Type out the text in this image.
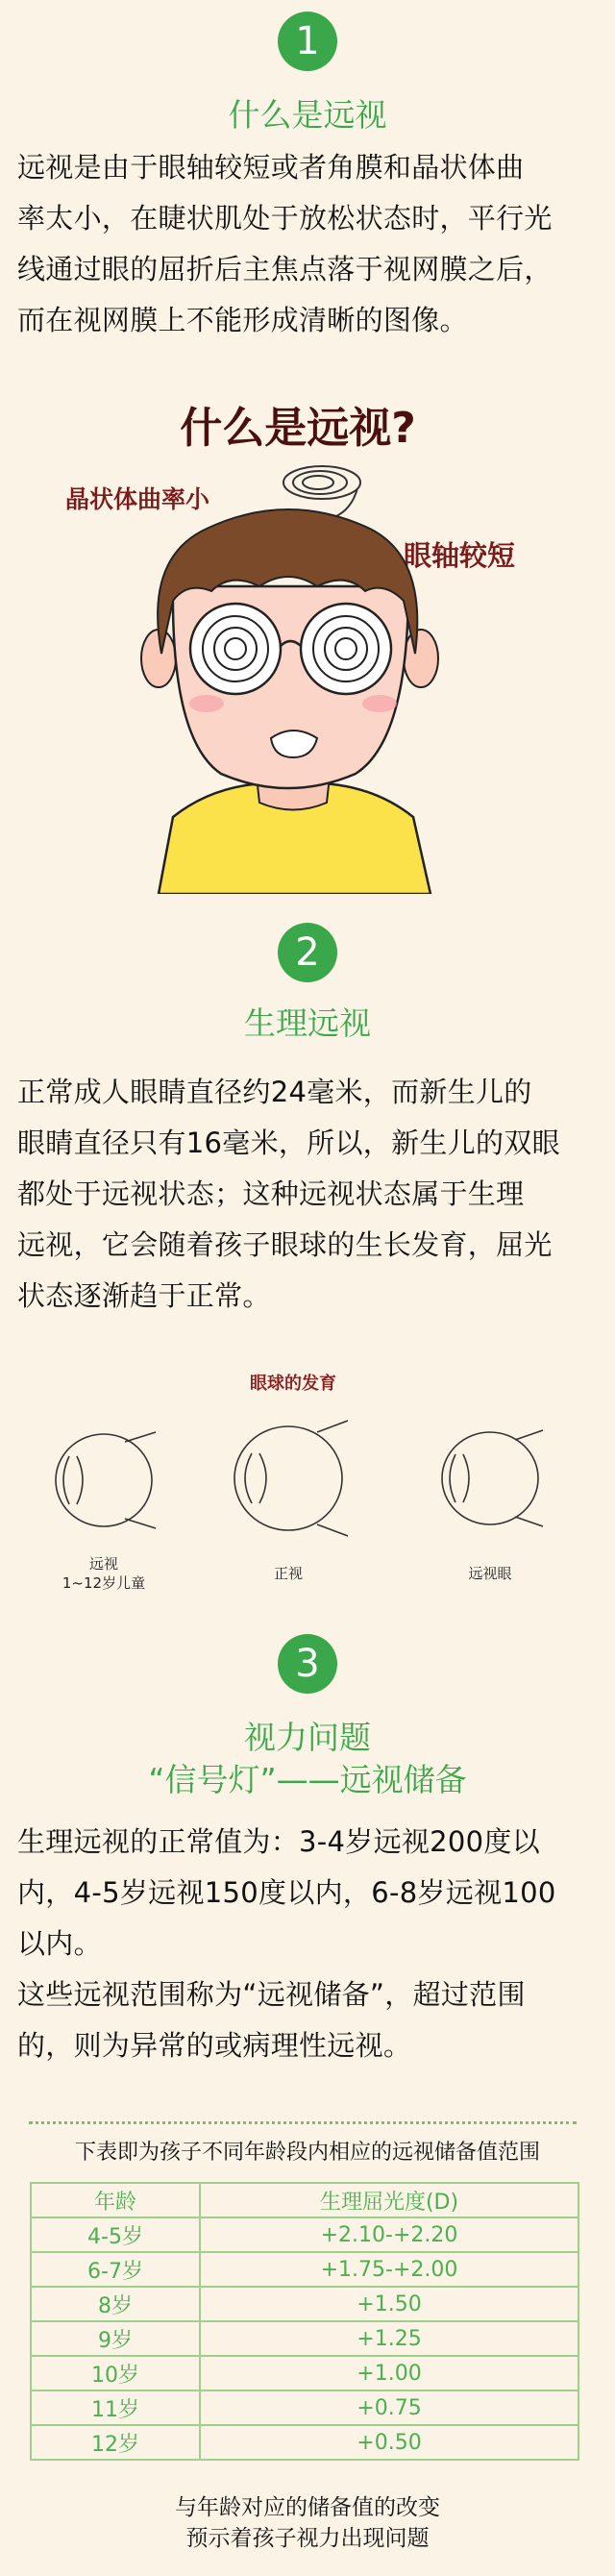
1
什么是远视
远视是由于眼轴较短或者角膜和晶状体曲
率太小，在睫状肌处于放松状态时，平行光
线通过眼的屈折后主焦点落于视网膜之后，
而在视网膜上不能形成清晰的图像。
什么是远视?
晶状体曲率小
眼轴较短
2
生理远视
正常成人眼睛直径约24毫米，而新生儿的
眼睛直径只有16毫米，所以，新生儿的双眼
都处于远视状态；这种远视状态属于生理
远视，它会随着孩子眼球的生长发育，屈光
状态逐渐趋于正常。
眼球的发育
远视
1~12岁儿童
正视	远视眼
3
视力问题
“信号灯”——远视储备
生理远视的正常值为：3-4岁远视200度以
内，4-5岁远视150度以内，6-8岁远视100
以内。
这些远视范围称为“远视储备”，超过范围
的，则为异常的或病理性远视。
下表即为孩子不同年龄段内相应的远视储备值范围
年龄	生理屈光度(D)
4-5岁	+2.10-+2.20
6-7岁	+1.75-+2.00
8岁	+1.50
9岁	+1.25
10岁	+1.00
11岁	+0.75
12岁	+0.50
与年龄对应的储备值的改变
预示着孩子视力出现问题
